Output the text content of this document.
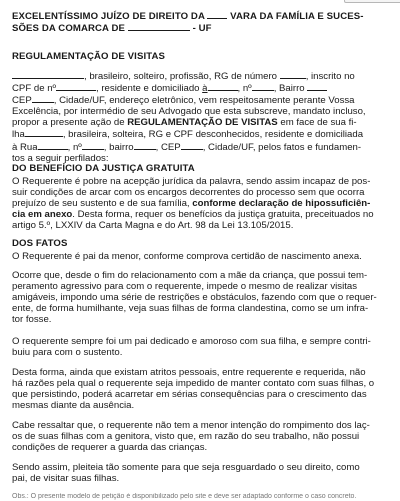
EXCELENTÍSSIMO JUÍZO DE DIREITO DA	VARA DA FAMÍLIA E SUCES-
SÕES DA COMARCA DE	- UF
REGULAMENTAÇÃO DE VISITAS
, brasileiro, solteiro, profissão, RG de número	, inscrito no
CPF de nº	, residente e domiciliado à	, nº , Bairro
CEP , Cidade/UF, endereço eletrônico, vem respeitosamente perante Vossa
Excelência, por intermédio de seu Advogado que esta subscreve, mandato incluso,
propor a presente ação de REGULAMENTAÇÃO DE VISITAS em face de sua fi-
lha	, brasileira, solteira, RG e CPF desconhecidos, residente e domiciliada
à Rua	, nº , bairro , CEP , Cidade/UF, pelos fatos e fundamen-
tos a seguir perfilados:
DO BENEFÍCIO DA JUSTIÇA GRATUITA
O Requerente é pobre na acepção jurídica da palavra, sendo assim incapaz de pos-
suir condições de arcar com os encargos decorrentes do processo sem que ocorra
prejuízo de seu sustento e de sua família, conforme declaração de hipossuficiên-
cia em anexo. Desta forma, requer os benefícios da justiça gratuita, preceituados no
artigo 5.º, LXXIV da Carta Magna e do Art. 98 da Lei 13.105/2015.
DOS FATOS
O Requerente é pai da menor, conforme comprova certidão de nascimento anexa.
Ocorre que, desde o fim do relacionamento com a mãe da criança, que possui tem-
peramento agressivo para com o requerente, impede o mesmo de realizar visitas
amigáveis, impondo uma série de restrições e obstáculos, fazendo com que o requer-
ente, de forma humilhante, veja suas filhas de forma clandestina, como se um infra-
tor fosse.
O requerente sempre foi um pai dedicado e amoroso com sua filha, e sempre contri-
buiu para com o sustento.
Desta forma, ainda que existam atritos pessoais, entre requerente e requerida, não
há razões pela qual o requerente seja impedido de manter contato com suas filhas, o
que persistindo, poderá acarretar em sérias consequências para o crescimento das
mesmas diante da ausência.
Cabe ressaltar que, o requerente não tem a menor intenção do rompimento dos laç-
os de suas filhas com a genitora, visto que, em razão do seu trabalho, não possui
condições de requerer a guarda das crianças.
Sendo assim, pleiteia tão somente para que seja resguardado o seu direito, como
pai, de visitar suas filhas.
Obs.: O presente modelo de petição é disponibilizado pelo site e deve ser adaptado conforme o caso concreto.
